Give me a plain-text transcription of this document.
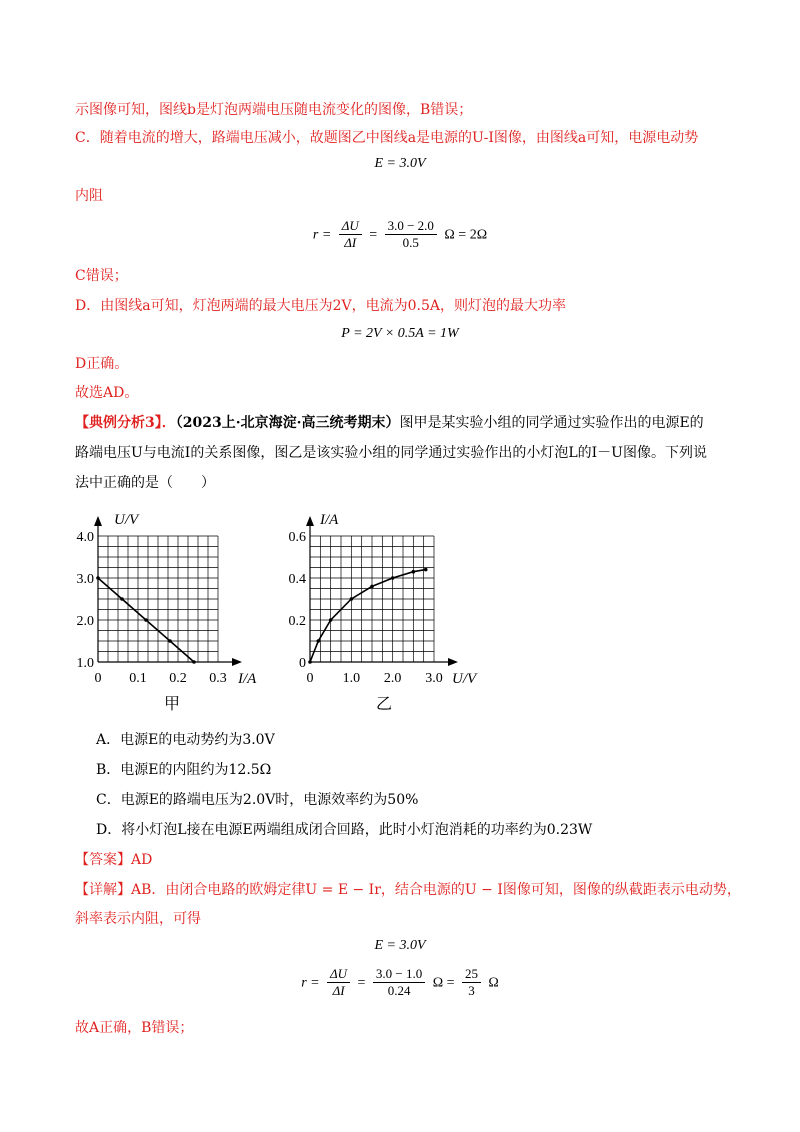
示图像可知，图线b是灯泡两端电压随电流变化的图像，B错误；
C．随着电流的增大，路端电压减小，故题图乙中图线a是电源的U-I图像，由图线a可知，电源电动势
E = 3.0V
内阻
$r = \frac{\Delta U}{\Delta I} = \frac{3.0 - 2.0}{0.5}$ Ω = 2Ω
C错误；
D．由图线a可知，灯泡两端的最大电压为2V，电流为0.5A，则灯泡的最大功率
P = 2V × 0.5A = 1W
D正确。
故选AD。
【典例分析3】．（2023上·北京海淀·高三统考期末）图甲是某实验小组的同学通过实验作出的电源E的
路端电压U与电流I的关系图像，图乙是该实验小组的同学通过实验作出的小灯泡L的I－U图像。下列说
法中正确的是（　　）
1.0
2.0
3.0
4.0
0 0.1 0.2 0.3
U/V
I/A
甲
0
0.2
0.4
0.6
0 1.0 2.0 3.0
I/A
U/V
乙
A．电源E的电动势约为3.0V
B．电源E的内阻约为12.5Ω
C．电源E的路端电压为2.0V时，电源效率约为50%
D．将小灯泡L接在电源E两端组成闭合回路，此时小灯泡消耗的功率约为0.23W
【答案】AD
【详解】AB．由闭合电路的欧姆定律U = E − Ir，结合电源的U − I图像可知，图像的纵截距表示电动势，
斜率表示内阻，可得
E = 3.0V
$r = \frac{\Delta U}{\Delta I} = \frac{3.0 - 1.0}{0.24}$ $\Omega = \frac{25}{3}$ Ω
故A正确，B错误；
